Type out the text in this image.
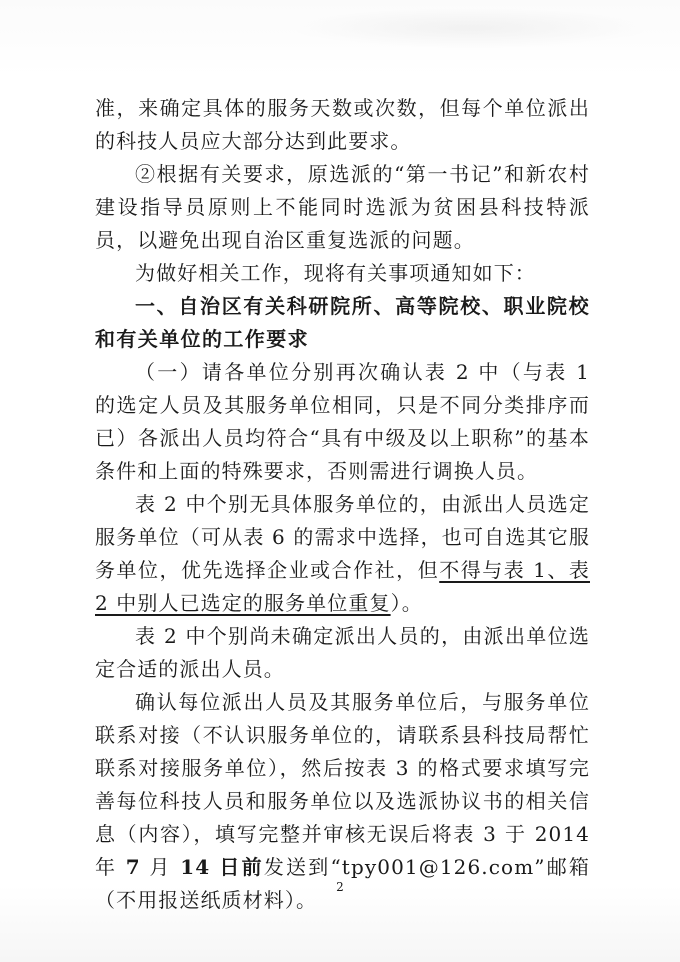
准，来确定具体的服务天数或次数，但每个单位派出的科技人员应大部分达到此要求。

②根据有关要求，原选派的“第一书记”和新农村建设指导员原则上不能同时选派为贫困县科技特派员，以避免出现自治区重复选派的问题。

为做好相关工作，现将有关事项通知如下：

一、自治区有关科研院所、高等院校、职业院校和有关单位的工作要求

（一）请各单位分别再次确认表 2 中（与表 1 的选定人员及其服务单位相同，只是不同分类排序而已）各派出人员均符合“具有中级及以上职称”的基本条件和上面的特殊要求，否则需进行调换人员。

表 2 中个别无具体服务单位的，由派出人员选定服务单位（可从表 6 的需求中选择，也可自选其它服务单位，优先选择企业或合作社，但不得与表 1、表 2 中别人已选定的服务单位重复）。

表 2 中个别尚未确定派出人员的，由派出单位选定合适的派出人员。

确认每位派出人员及其服务单位后，与服务单位联系对接（不认识服务单位的，请联系县科技局帮忙联系对接服务单位），然后按表 3 的格式要求填写完善每位科技人员和服务单位以及选派协议书的相关信息（内容），填写完整并审核无误后将表 3 于 2014 年 7 月 14 日前发送到“tpy001@126.com”邮箱（不用报送纸质材料）。

2
